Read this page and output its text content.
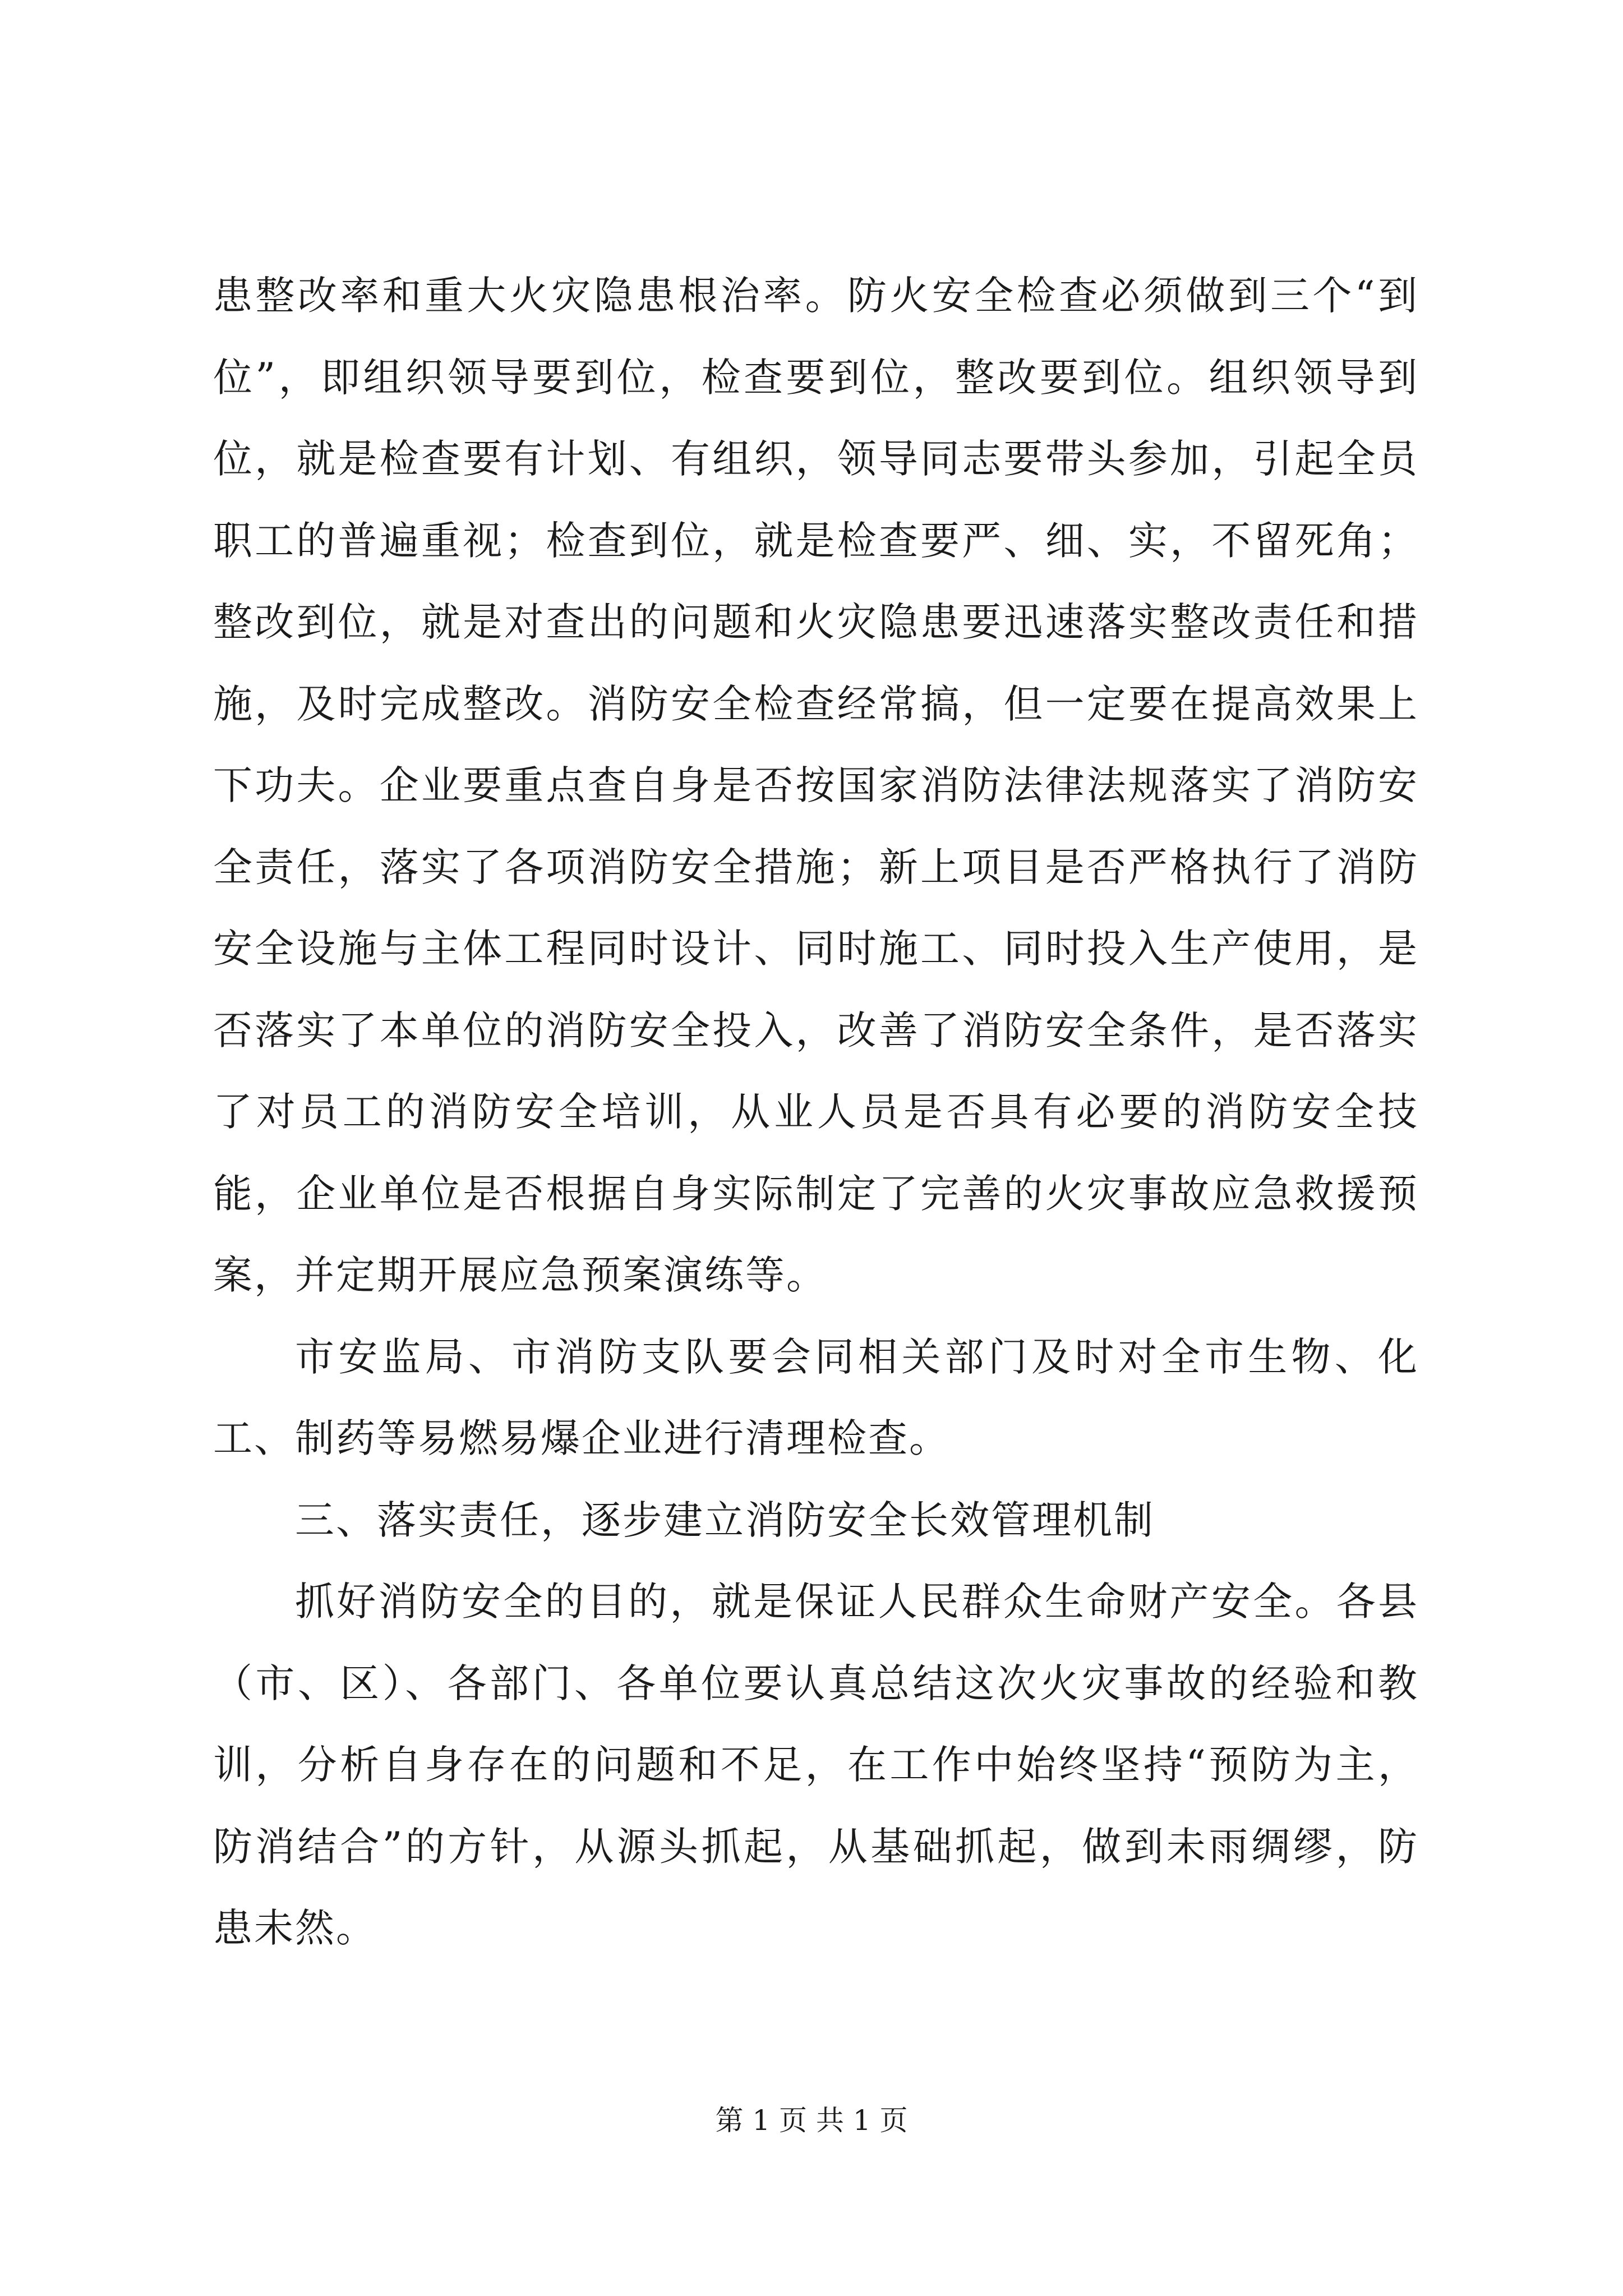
患整改率和重大火灾隐患根治率。防火安全检查必须做到三个“到位”，即组织领导要到位，检查要到位，整改要到位。组织领导到位，就是检查要有计划、有组织，领导同志要带头参加，引起全员职工的普遍重视；检查到位，就是检查要严、细、实，不留死角；整改到位，就是对查出的问题和火灾隐患要迅速落实整改责任和措施，及时完成整改。消防安全检查经常搞，但一定要在提高效果上下功夫。企业要重点查自身是否按国家消防法律法规落实了消防安全责任，落实了各项消防安全措施；新上项目是否严格执行了消防安全设施与主体工程同时设计、同时施工、同时投入生产使用，是否落实了本单位的消防安全投入，改善了消防安全条件，是否落实了对员工的消防安全培训，从业人员是否具有必要的消防安全技能，企业单位是否根据自身实际制定了完善的火灾事故应急救援预案，并定期开展应急预案演练等。

市安监局、市消防支队要会同相关部门及时对全市生物、化工、制药等易燃易爆企业进行清理检查。

三、落实责任，逐步建立消防安全长效管理机制

抓好消防安全的目的，就是保证人民群众生命财产安全。各县（市、区）、各部门、各单位要认真总结这次火灾事故的经验和教训，分析自身存在的问题和不足，在工作中始终坚持“预防为主，防消结合”的方针，从源头抓起，从基础抓起，做到未雨绸缪，防患未然。

第 1 页 共 1 页
